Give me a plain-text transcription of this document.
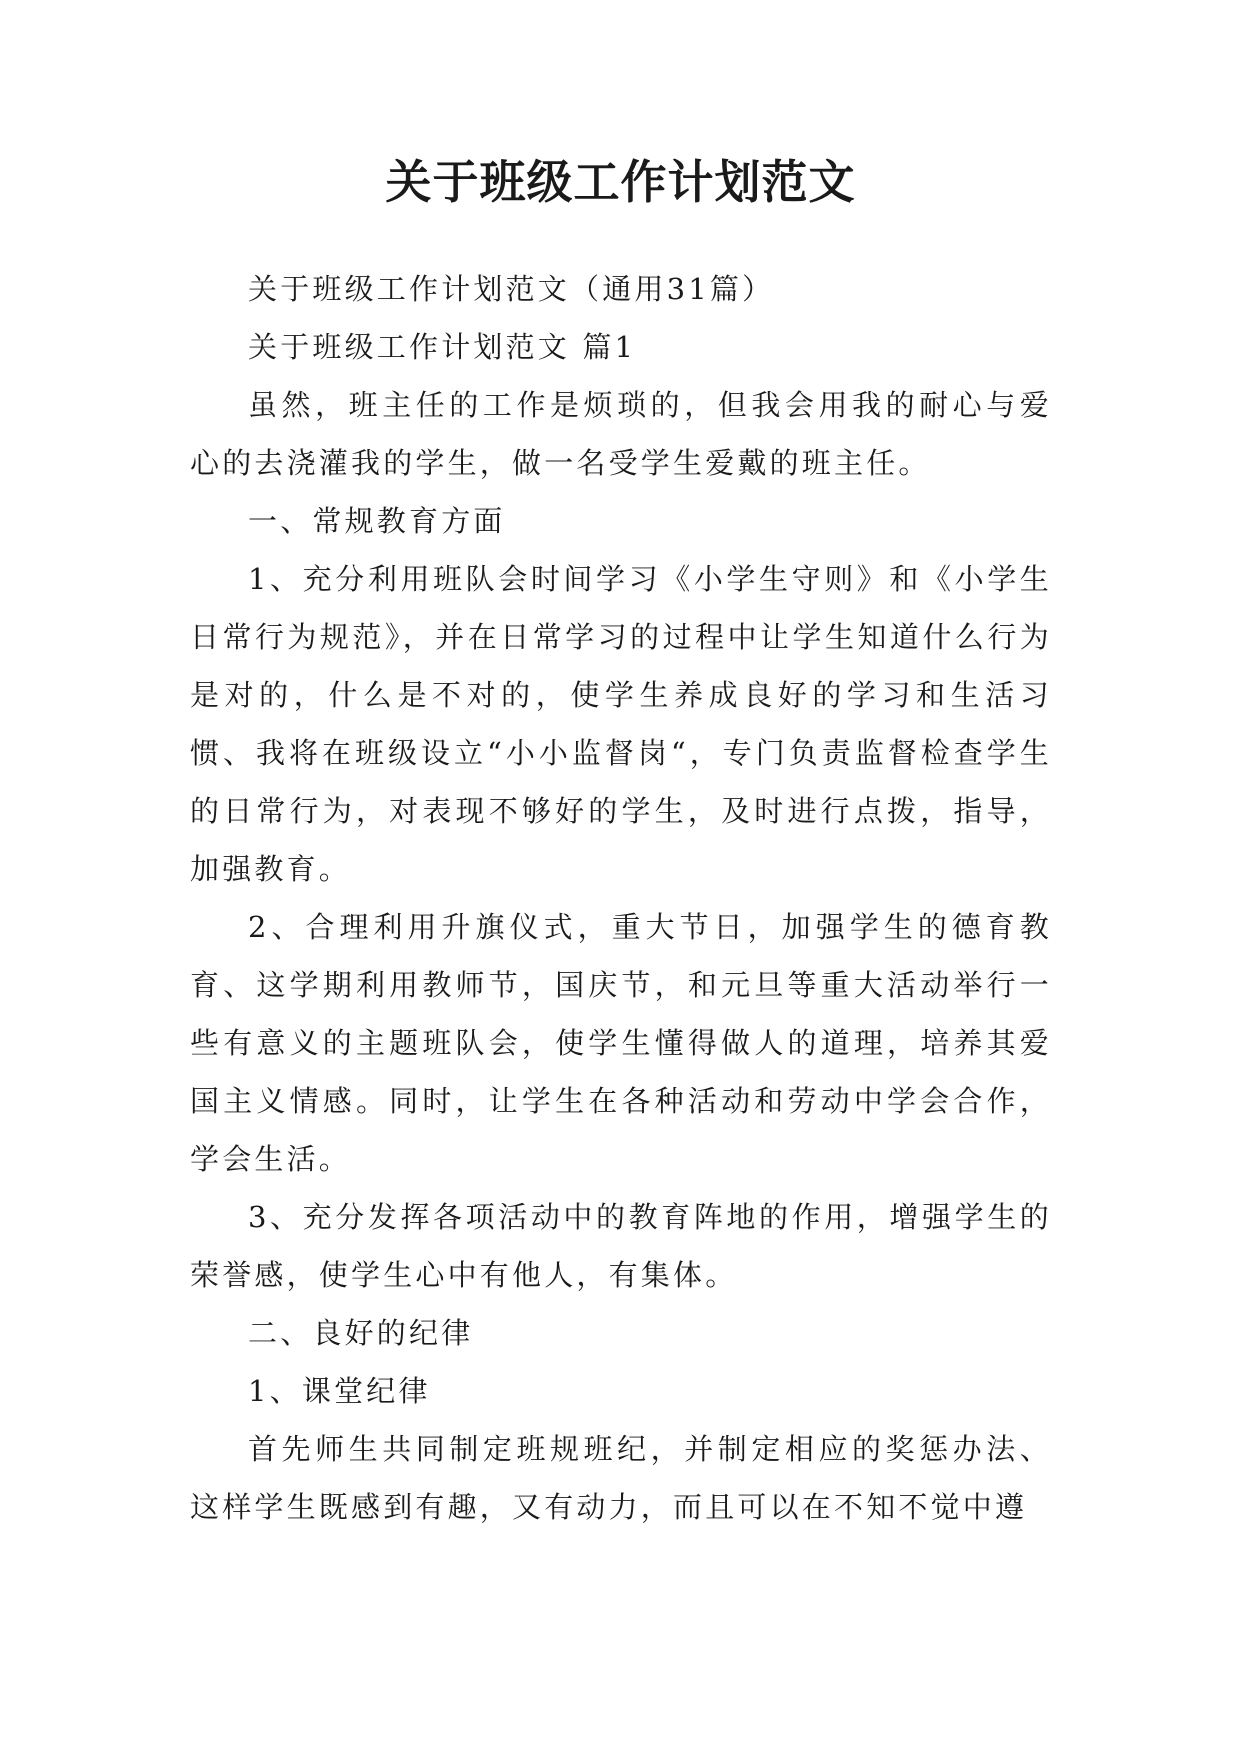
关于班级工作计划范文

关于班级工作计划范文（通用31篇）

关于班级工作计划范文 篇1

虽然，班主任的工作是烦琐的，但我会用我的耐心与爱心的去浇灌我的学生，做一名受学生爱戴的班主任。

一、常规教育方面

1、充分利用班队会时间学习《小学生守则》和《小学生日常行为规范》，并在日常学习的过程中让学生知道什么行为是对的，什么是不对的，使学生养成良好的学习和生活习惯、我将在班级设立“小小监督岗“，专门负责监督检查学生的日常行为，对表现不够好的学生，及时进行点拨，指导，加强教育。

2、合理利用升旗仪式，重大节日，加强学生的德育教育、这学期利用教师节，国庆节，和元旦等重大活动举行一些有意义的主题班队会，使学生懂得做人的道理，培养其爱国主义情感。同时，让学生在各种活动和劳动中学会合作，学会生活。

3、充分发挥各项活动中的教育阵地的作用，增强学生的荣誉感，使学生心中有他人，有集体。

二、良好的纪律

1、课堂纪律

首先师生共同制定班规班纪，并制定相应的奖惩办法、这样学生既感到有趣，又有动力，而且可以在不知不觉中遵
